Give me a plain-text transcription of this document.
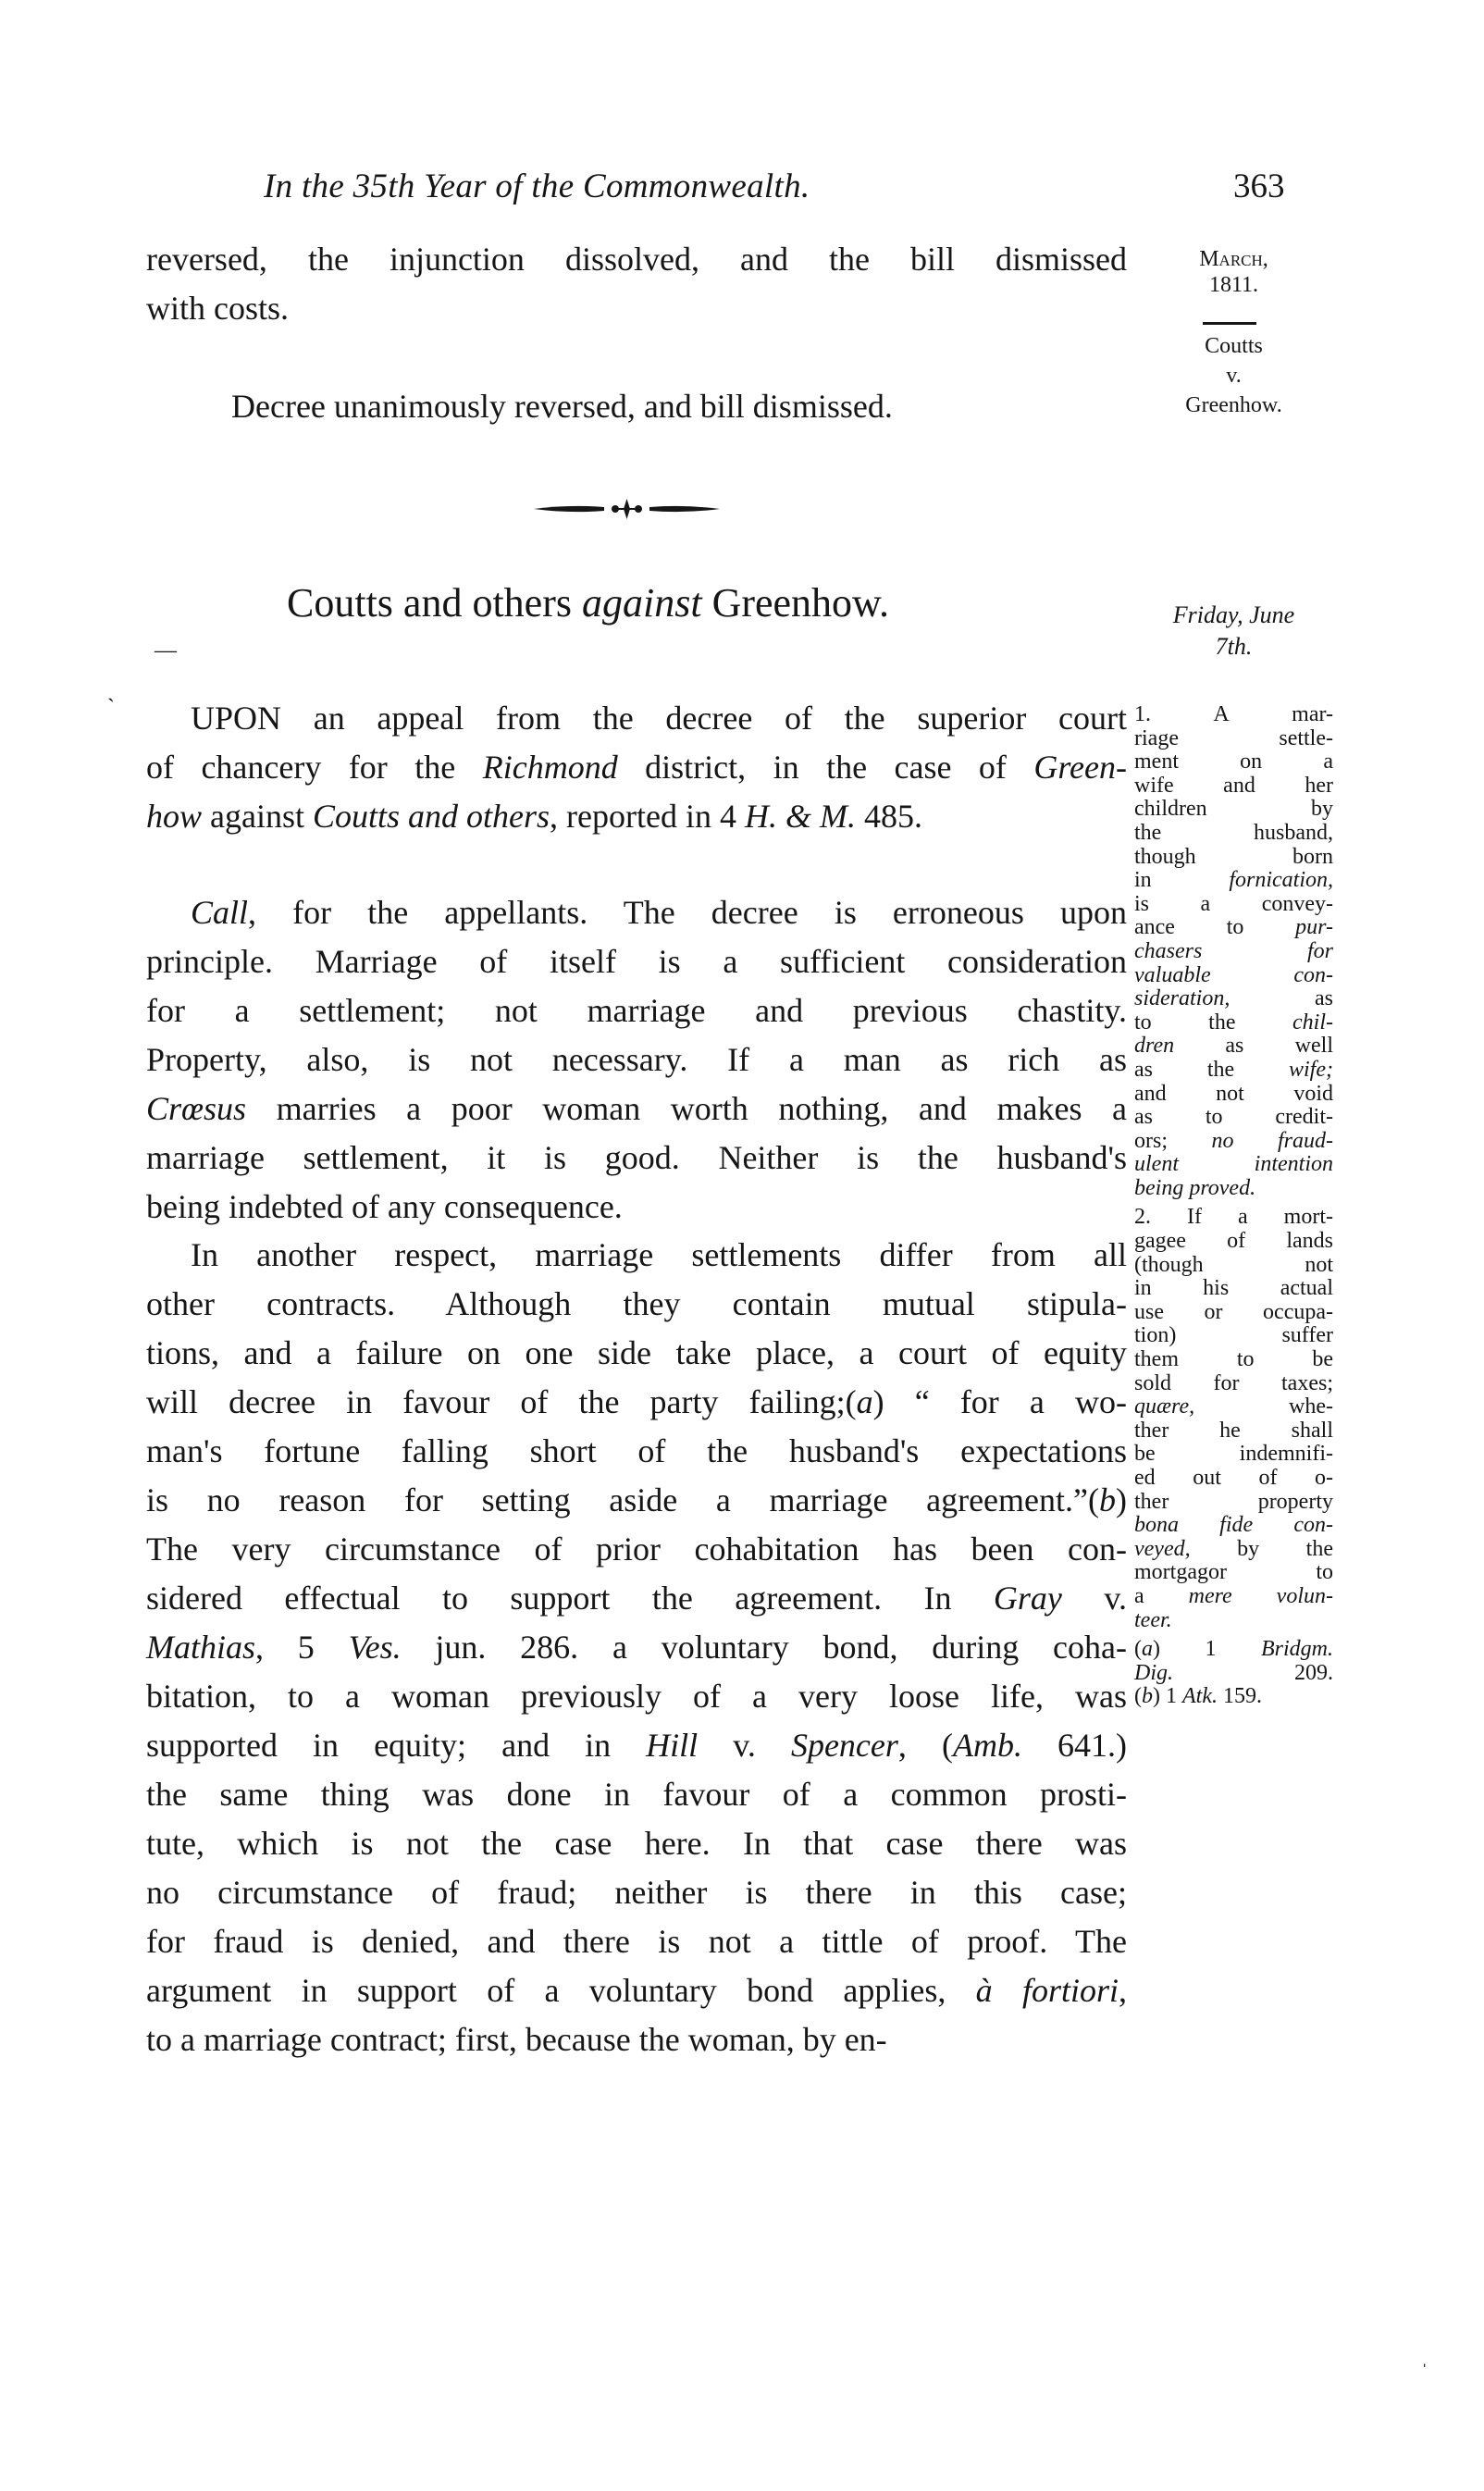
In the 35th Year of the Commonwealth.	363
reversed, the injunction dissolved, and the bill dismissed
with costs.
Decree unanimously reversed, and bill dismissed.
March,
1811.
Coutts
v.
Greenhow.
Coutts and others against Greenhow.	Friday, June
7th.
—
ˋ
ˈ
UPON an appeal from the decree of the superior court
of chancery for the Richmond district, in the case of Green-
how against Coutts and others, reported in 4 H. & M. 485.
Call, for the appellants. The decree is erroneous upon
principle. Marriage of itself is a sufficient consideration
for a settlement; not marriage and previous chastity.
Property, also, is not necessary. If a man as rich as
Crœsus marries a poor woman worth nothing, and makes a
marriage settlement, it is good. Neither is the husband's
being indebted of any consequence.
In another respect, marriage settlements differ from all
other contracts. Although they contain mutual stipula-
tions, and a failure on one side take place, a court of equity
will decree in favour of the party failing;(a) “ for a wo-
man's fortune falling short of the husband's expectations
is no reason for setting aside a marriage agreement.”(b)
The very circumstance of prior cohabitation has been con-
sidered effectual to support the agreement. In Gray v.
Mathias, 5 Ves. jun. 286. a voluntary bond, during coha-
bitation, to a woman previously of a very loose life, was
supported in equity; and in Hill v. Spencer, (Amb. 641.)
the same thing was done in favour of a common prosti-
tute, which is not the case here. In that case there was
no circumstance of fraud; neither is there in this case;
for fraud is denied, and there is not a tittle of proof. The
argument in support of a voluntary bond applies, à fortiori,
to a marriage contract; first, because the woman, by en-
1. A mar-
riage settle-
ment on a
wife and her
children by
the husband,
though born
in fornication,
is a convey-
ance to pur-
chasers for
valuable con-
sideration, as
to the chil-
dren as well
as the wife;
and not void
as to credit-
ors; no fraud-
ulent intention
being proved.
2. If a mort-
gagee of lands
(though not
in his actual
use or occupa-
tion) suffer
them to be
sold for taxes;
quære, whe-
ther he shall
be indemnifi-
ed out of o-
ther property
bona fide con-
veyed, by the
mortgagor to
a mere volun-
teer.
(a) 1 Bridgm.
Dig. 209.
(b) 1 Atk. 159.
